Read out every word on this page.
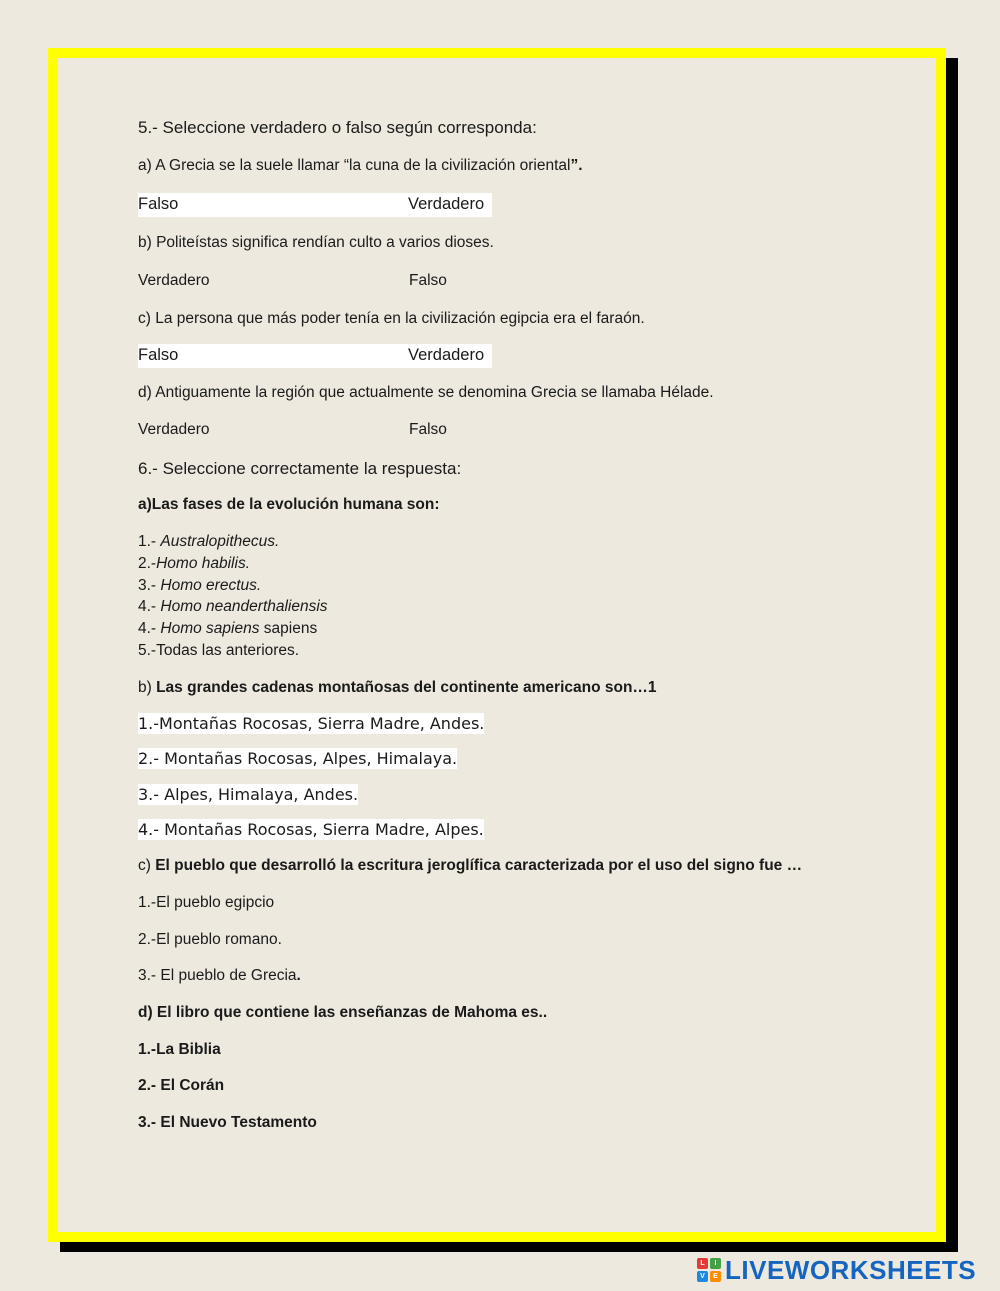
5.- Seleccione verdadero o falso según corresponda:
a) A Grecia se la suele llamar “la cuna de la civilización oriental”.
Falso	Verdadero
b) Politeístas significa rendían culto a varios dioses.
Verdadero	Falso
c) La persona que más poder tenía en la civilización egipcia era el faraón.
Falso	Verdadero
d) Antiguamente la región que actualmente se denomina Grecia se llamaba Hélade.
Verdadero	Falso
6.- Seleccione correctamente la respuesta:
a)Las fases de la evolución humana son:
1.- Australopithecus.
2.-Homo habilis.
3.- Homo erectus.
4.- Homo neanderthaliensis
4.- Homo sapiens sapiens
5.-Todas las anteriores.
b) Las grandes cadenas montañosas del continente americano son…1
1.-Montañas Rocosas, Sierra Madre, Andes.
2.- Montañas Rocosas, Alpes, Himalaya.
3.- Alpes, Himalaya, Andes.
4.- Montañas Rocosas, Sierra Madre, Alpes.
c) El pueblo que desarrolló la escritura jeroglífica caracterizada por el uso del signo fue …
1.-El pueblo egipcio
2.-El pueblo romano.
3.- El pueblo de Grecia.
d) El libro que contiene las enseñanzas de Mahoma es..
1.-La Biblia
2.- El Corán
3.- El Nuevo Testamento
L	I
V	E LIVEWORKSHEETS
